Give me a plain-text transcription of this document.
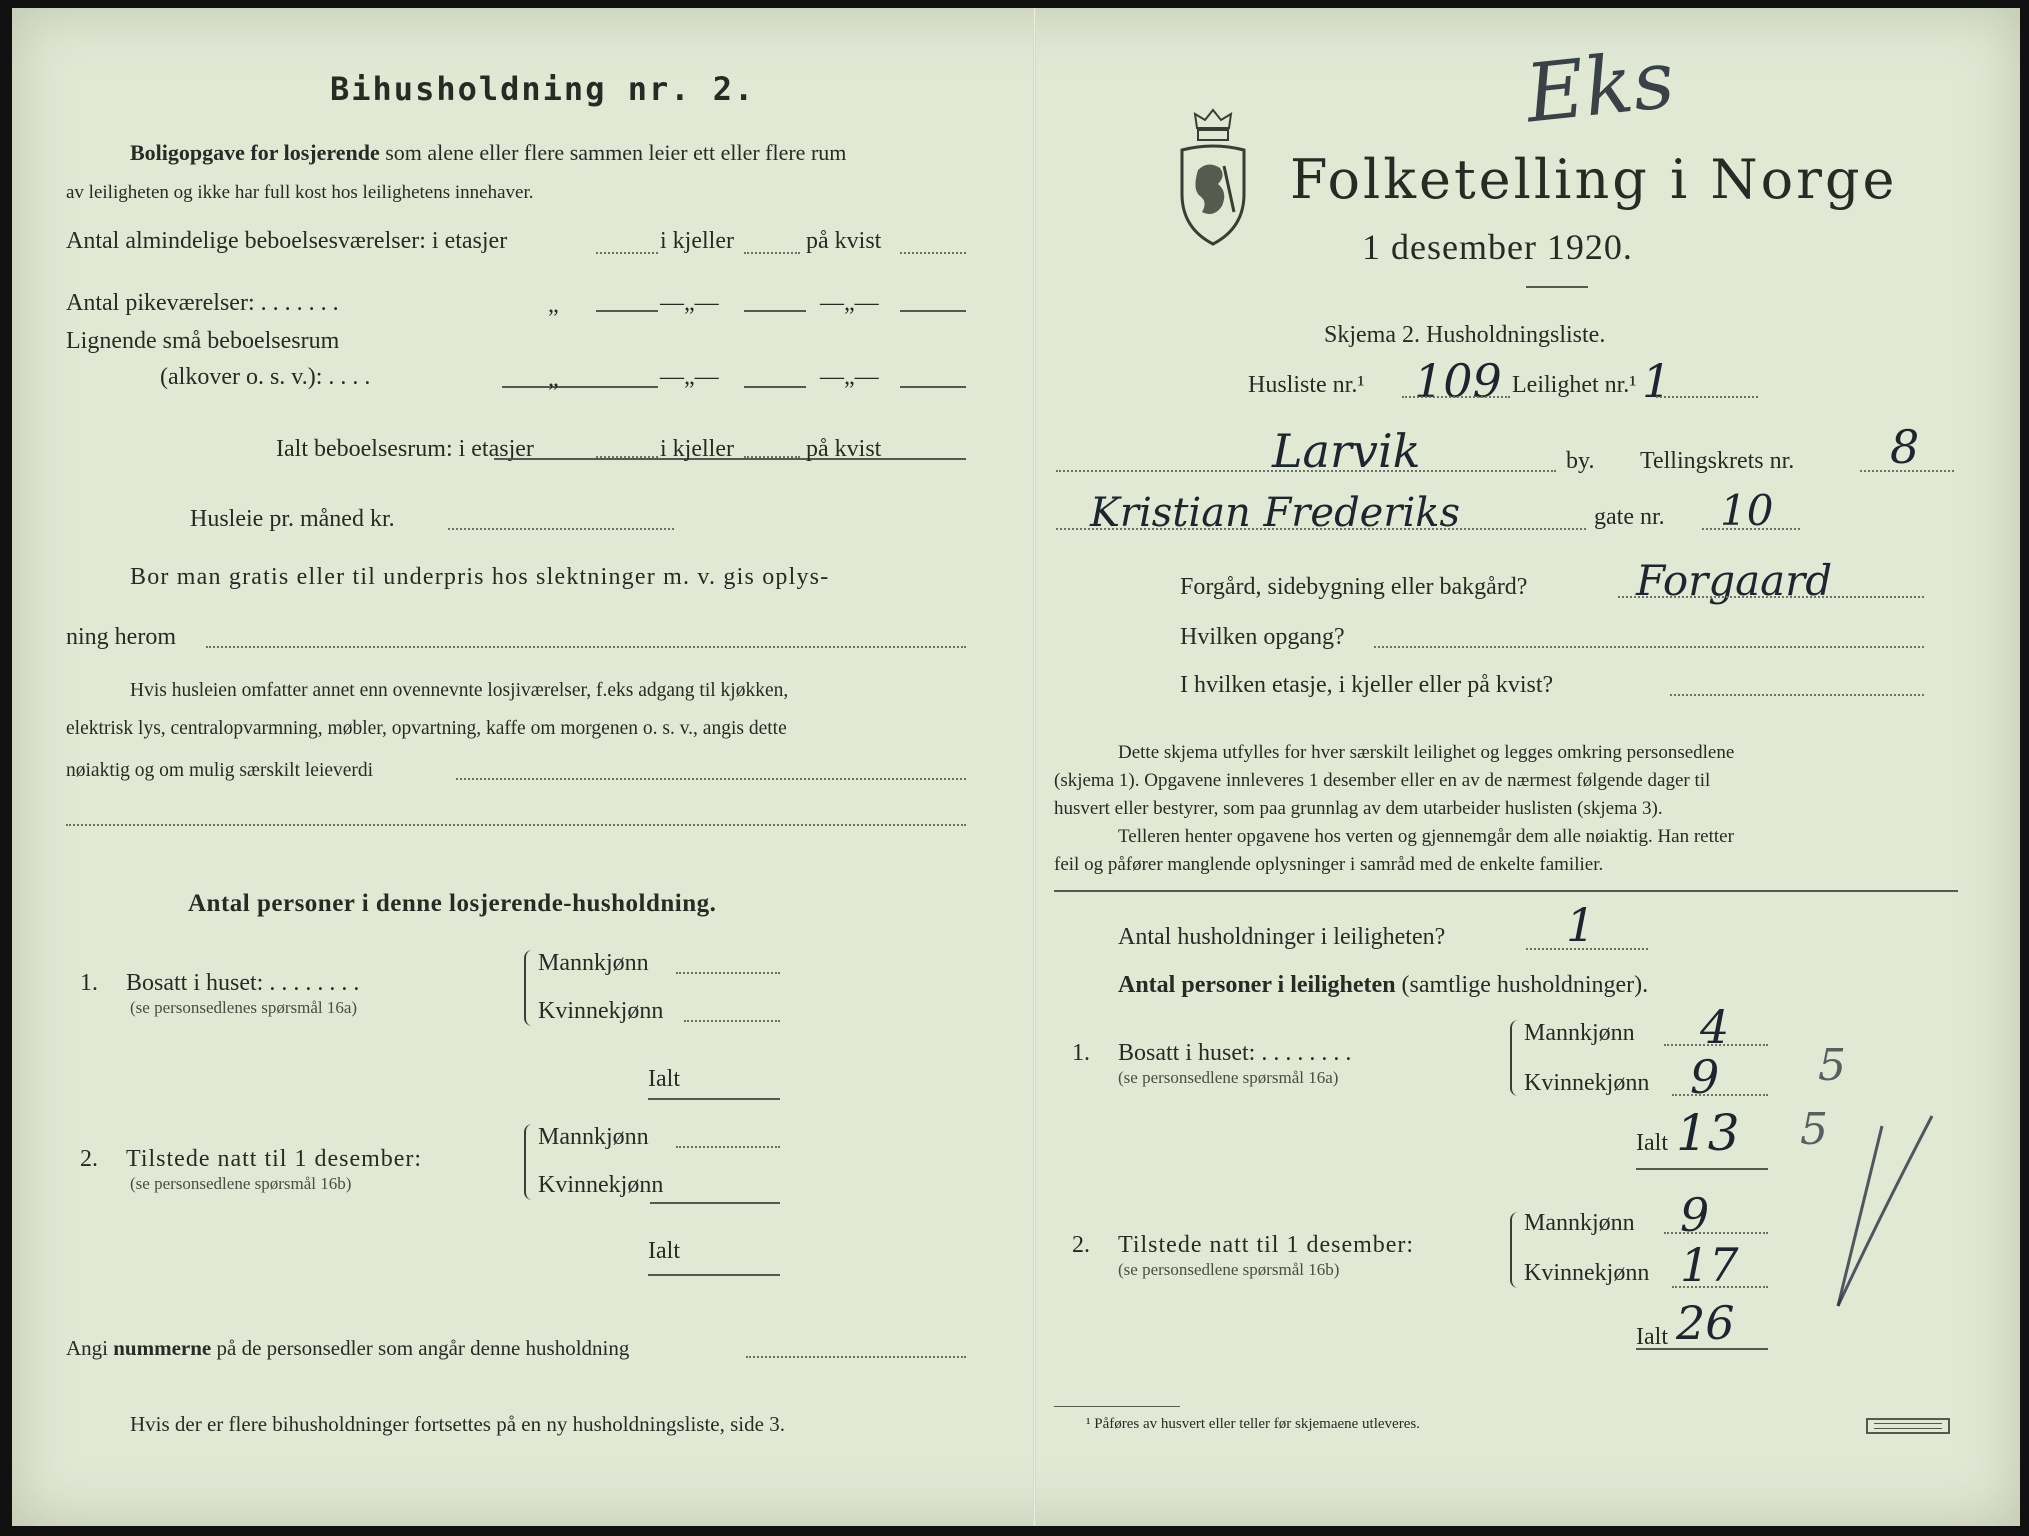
Bihusholdning nr. 2.
Boligopgave for losjerende som alene eller flere sammen leier ett eller flere rum
av leiligheten og ikke har full kost hos leilighetens innehaver.
Antal almindelige beboelsesværelser: i etasjer	i kjeller	på kvist
Antal pikeværelser: . . . . . . .	„	—„—	—„—
Lignende små beboelsesrum
(alkover o. s. v.): . . . .	„	—„—	—„—
Ialt beboelsesrum: i etasjer	i kjeller	på kvist
Husleie pr. måned kr.
Bor man gratis eller til underpris hos slektninger m. v. gis oplys-
ning herom
Hvis husleien omfatter annet enn ovennevnte losjiværelser, f.eks adgang til kjøkken,
elektrisk lys, centralopvarmning, møbler, opvartning, kaffe om morgenen o. s. v., angis dette
nøiaktig og om mulig særskilt leieverdi
Antal personer i denne losjerende-husholdning.
1. Bosatt i huset: . . . . . . . .
(se personsedlenes spørsmål 16a)
Mannkjønn
Kvinnekjønn
Ialt
2. Tilstede natt til 1 desember:
(se personsedlene spørsmål 16b)
Mannkjønn
Kvinnekjønn
Ialt
Angi nummerne på de personsedler som angår denne husholdning
Hvis der er flere bihusholdninger fortsettes på en ny husholdningsliste, side 3.
Folketelling i Norge
1 desember 1920.
Eks
Skjema 2. Husholdningsliste.
Husliste nr.¹ 109 Leilighet nr.¹ 1
Larvik	by. Tellingskrets nr. 8
Kristian Frederiks	gate nr. 10
Forgård, sidebygning eller bakgård?	Forgaard
Hvilken opgang?
I hvilken etasje, i kjeller eller på kvist?
Dette skjema utfylles for hver særskilt leilighet og legges omkring personsedlene
(skjema 1). Opgavene innleveres 1 desember eller en av de nærmest følgende dager til
husvert eller bestyrer, som paa grunnlag av dem utarbeider huslisten (skjema 3).
Telleren henter opgavene hos verten og gjennemgår dem alle nøiaktig. Han retter
feil og påfører manglende oplysninger i samråd med de enkelte familier.
Antal husholdninger i leiligheten?	1
Antal personer i leiligheten (samtlige husholdninger).
1. Bosatt i huset: . . . . . . . .
(se personsedlene spørsmål 16a)
Mannkjønn 4
Kvinnekjønn 9 5
Ialt 13 5
2. Tilstede natt til 1 desember:
(se personsedlene spørsmål 16b)
Mannkjønn 9
Kvinnekjønn 17
Ialt 26
¹ Påføres av husvert eller teller før skjemaene utleveres.
